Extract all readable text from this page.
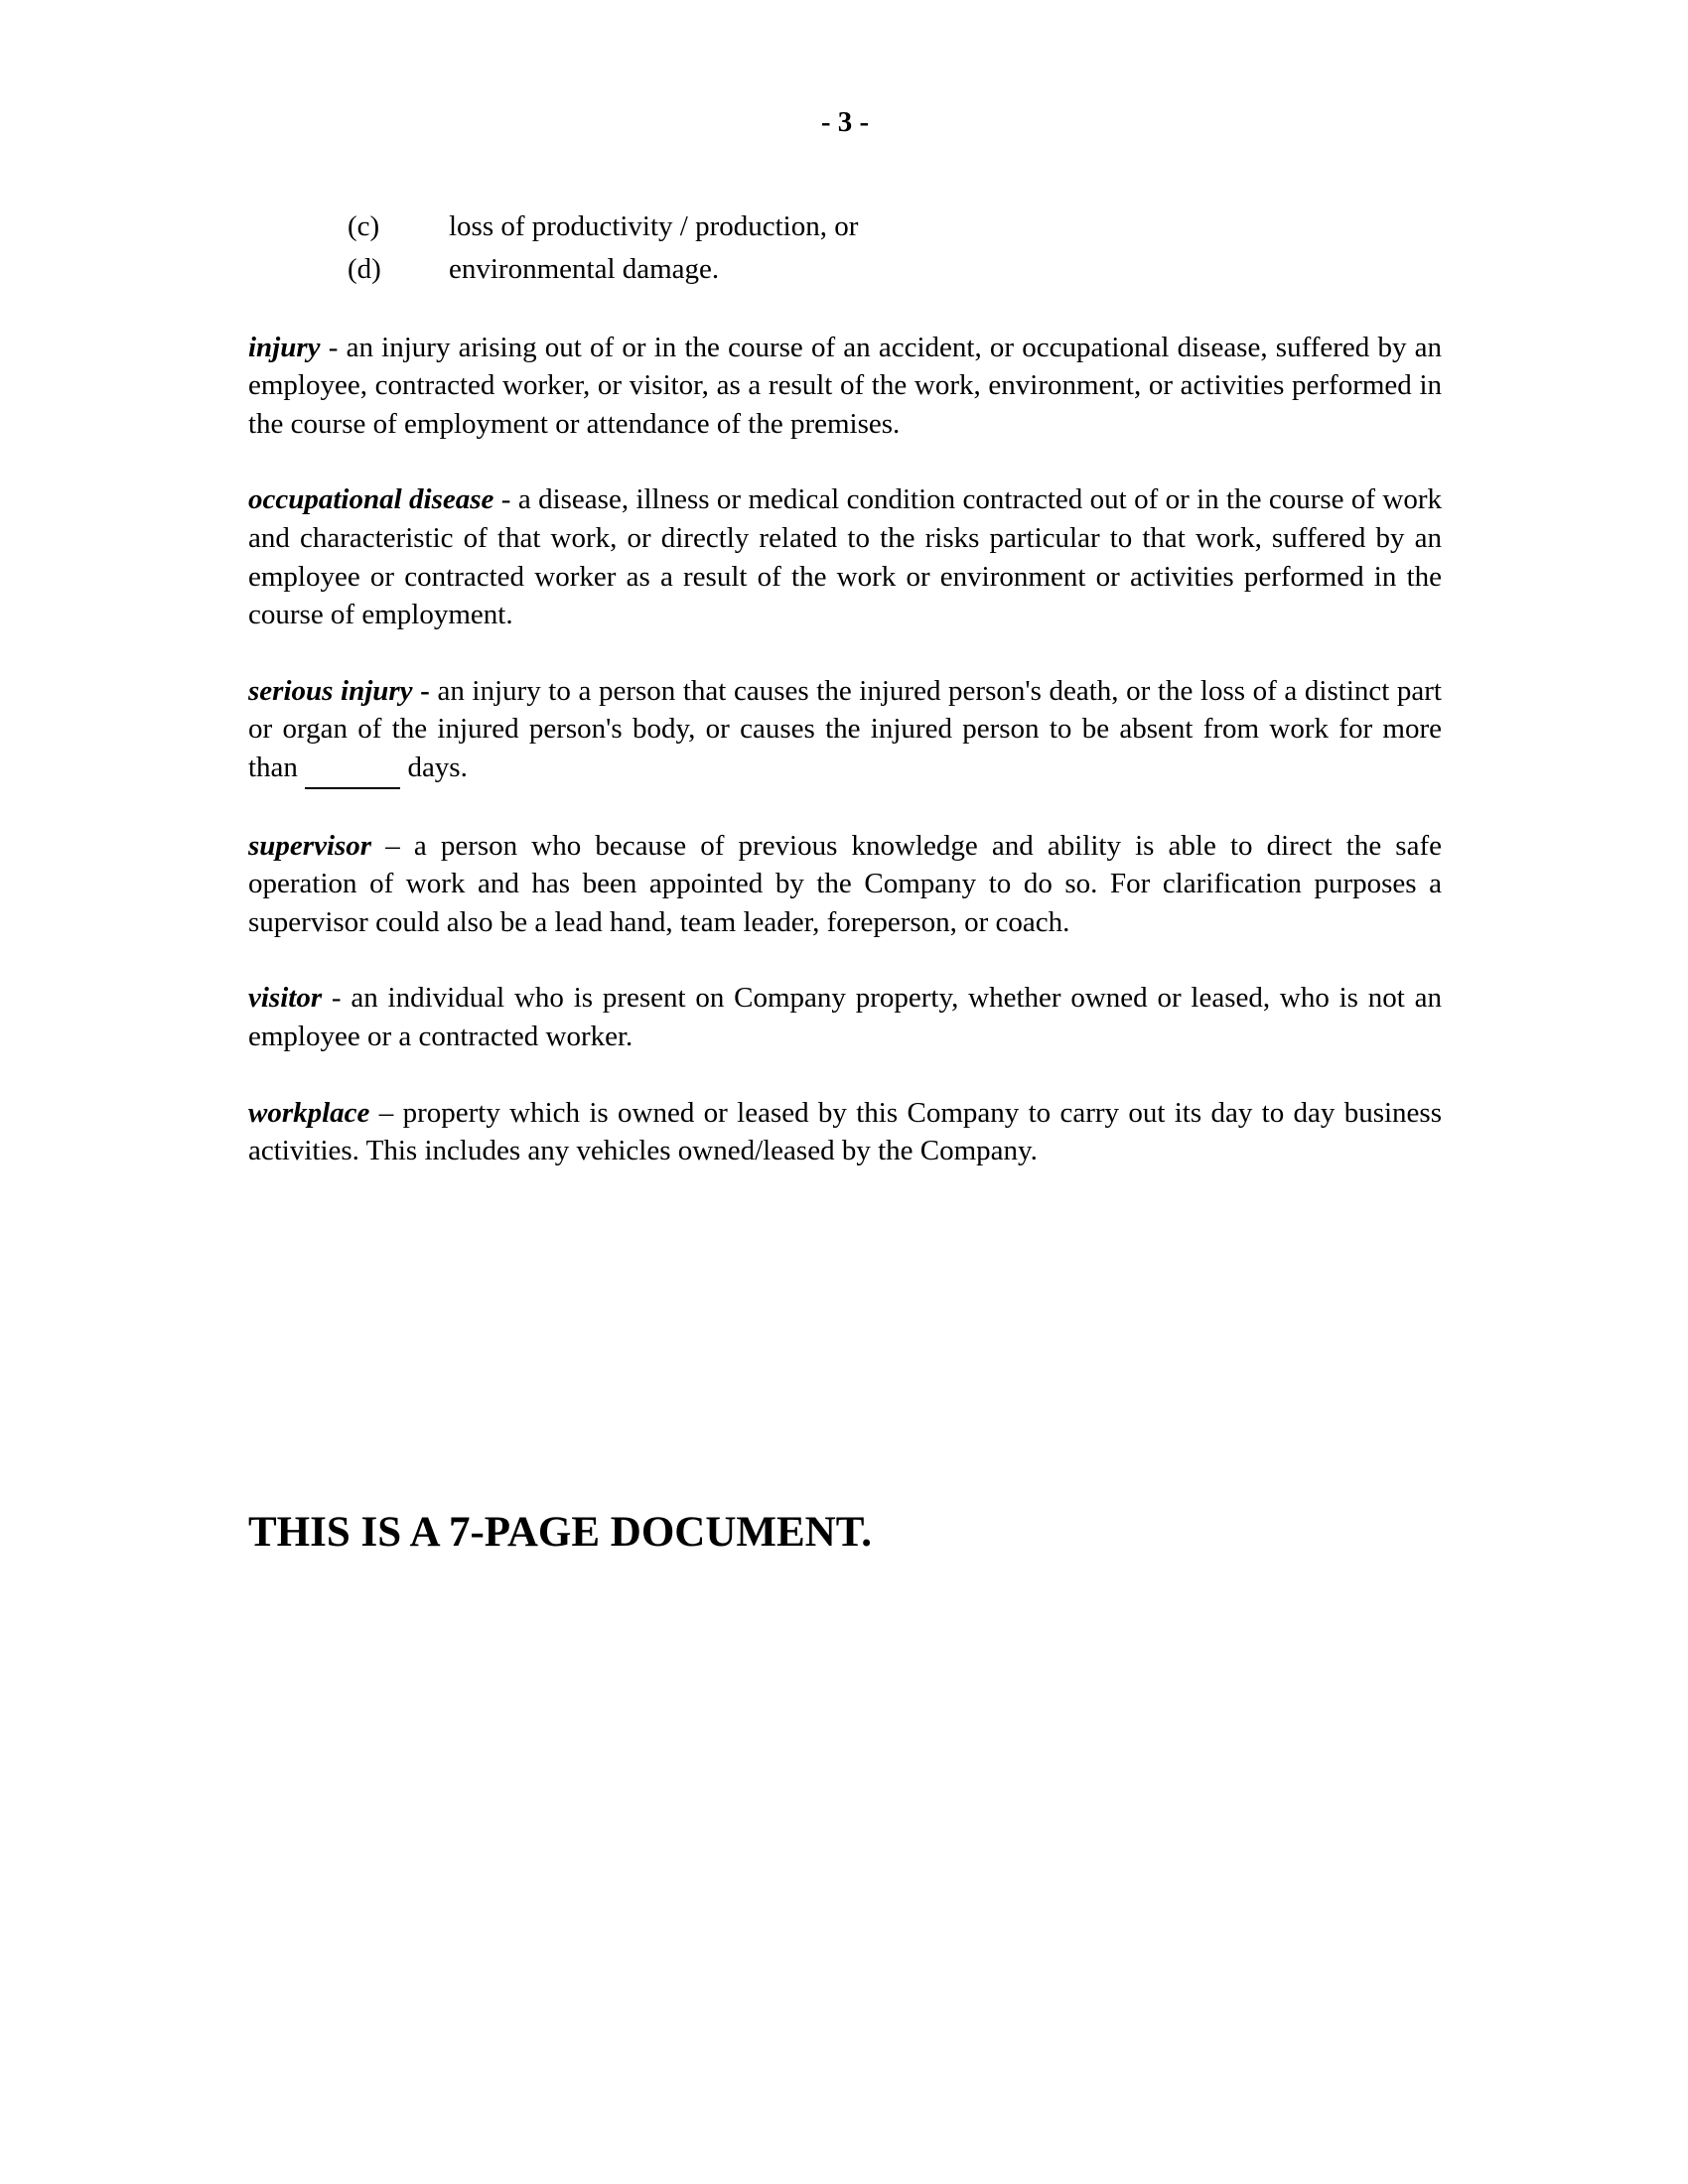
- 3 -
(c)	loss of productivity / production, or
(d)	environmental damage.

injury - an injury arising out of or in the course of an accident, or occupational disease, suffered by an employee, contracted worker, or visitor, as a result of the work, environment, or activities performed in the course of employment or attendance of the premises.

occupational disease - a disease, illness or medical condition contracted out of or in the course of work and characteristic of that work, or directly related to the risks particular to that work, suffered by an employee or contracted worker as a result of the work or environment or activities performed in the course of employment.

serious injury - an injury to a person that causes the injured person's death, or the loss of a distinct part or organ of the injured person's body, or causes the injured person to be absent from work for more than	days.

supervisor – a person who because of previous knowledge and ability is able to direct the safe operation of work and has been appointed by the Company to do so. For clarification purposes a supervisor could also be a lead hand, team leader, foreperson, or coach.

visitor - an individual who is present on Company property, whether owned or leased, who is not an employee or a contracted worker.

workplace – property which is owned or leased by this Company to carry out its day to day business activities. This includes any vehicles owned/leased by the Company.

THIS IS A 7-PAGE DOCUMENT.
